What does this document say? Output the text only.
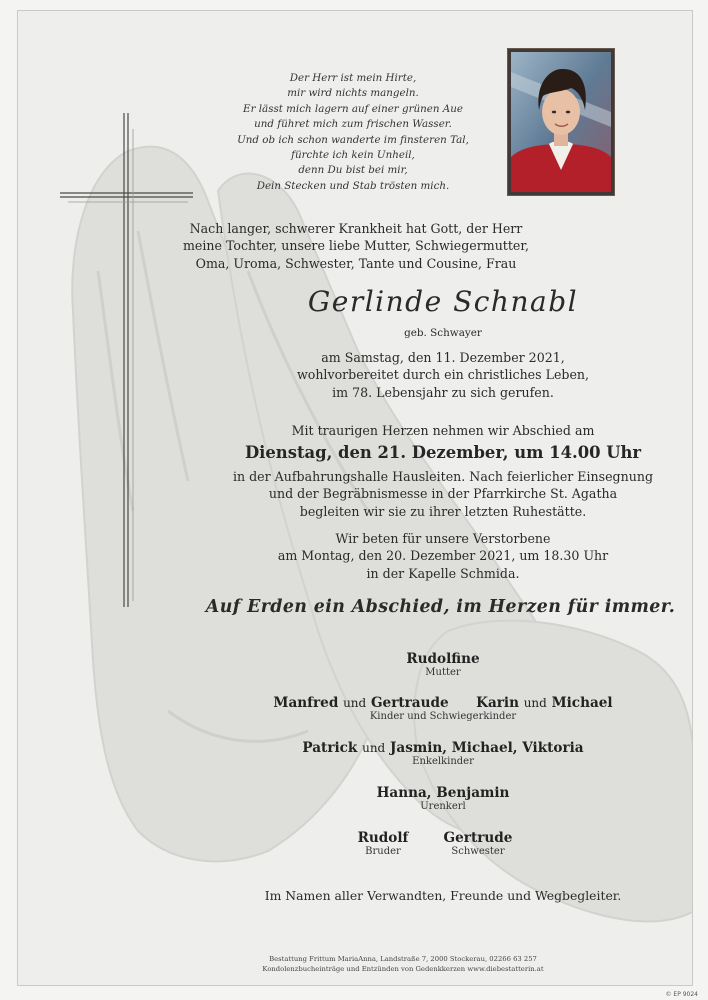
Der Herr ist mein Hirte,
mir wird nichts mangeln.
Er lässt mich lagern auf einer grünen Aue
und führet mich zum frischen Wasser.
Und ob ich schon wanderte im finsteren Tal,
fürchte ich kein Unheil,
denn Du bist bei mir,
Dein Stecken und Stab trösten mich.
Nach langer, schwerer Krankheit hat Gott, der Herr
meine Tochter, unsere liebe Mutter, Schwiegermutter,
Oma, Uroma, Schwester, Tante und Cousine, Frau
Gerlinde Schnabl
geb. Schwayer
am Samstag, den 11. Dezember 2021,
wohlvorbereitet durch ein christliches Leben,
im 78. Lebensjahr zu sich gerufen.
Mit traurigen Herzen nehmen wir Abschied am
Dienstag, den 21. Dezember, um 14.00 Uhr
in der Aufbahrungshalle Hausleiten. Nach feierlicher Einsegnung
und der Begräbnismesse in der Pfarrkirche St. Agatha
begleiten wir sie zu ihrer letzten Ruhestätte.
Wir beten für unsere Verstorbene
am Montag, den 20. Dezember 2021, um 18.30 Uhr
in der Kapelle Schmida.
Auf Erden ein Abschied, im Herzen für immer.
Rudolfine
Mutter
Manfred und Gertraude Karin und Michael
Kinder und Schwiegerkinder
Patrick und Jasmin, Michael, Viktoria
Enkelkinder
Hanna, Benjamin
Urenkerl
Rudolf
Bruder
Gertrude
Schwester
Im Namen aller Verwandten, Freunde und Wegbegleiter.
Bestattung Frittum MariaAnna, Landstraße 7, 2000 Stockerau, 02266 63 257
Kondolenzbucheinträge und Entzünden von Gedenkkerzen www.diebestatterin.at
© EP 9024
